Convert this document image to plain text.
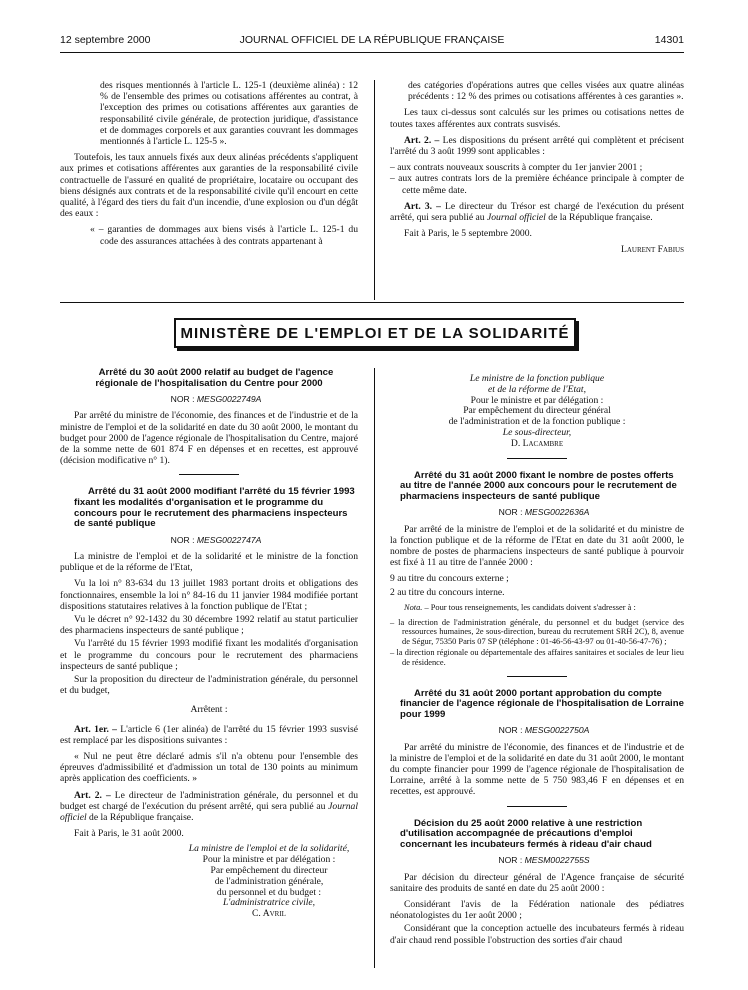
12 septembre 2000	JOURNAL OFFICIEL DE LA RÉPUBLIQUE FRANÇAISE	14301

des risques mentionnés à l'article L. 125-1 (deuxième alinéa) : 12 % de l'ensemble des primes ou cotisations afférentes au contrat, à l'exception des primes ou cotisations afférentes aux garanties de responsabilité civile générale, de protection juridique, d'assistance et de dommages corporels et aux garanties couvrant les dommages mentionnés à l'article L. 125-5 ».

Toutefois, les taux annuels fixés aux deux alinéas précédents s'appliquent aux primes et cotisations afférentes aux garanties de la responsabilité civile contractuelle de l'assuré en qualité de propriétaire, locataire ou occupant des biens désignés aux contrats et de la responsabilité civile qu'il encourt en cette qualité, à l'égard des tiers du fait d'un incendie, d'une explosion ou d'un dégât des eaux :

« – garanties de dommages aux biens visés à l'article L. 125-1 du code des assurances attachées à des contrats appartenant à

des catégories d'opérations autres que celles visées aux quatre alinéas précédents : 12 % des primes ou cotisations afférentes à ces garanties ».

Les taux ci-dessus sont calculés sur les primes ou cotisations nettes de toutes taxes afférentes aux contrats susvisés.

Art. 2. – Les dispositions du présent arrêté qui complètent et précisent l'arrêté du 3 août 1999 sont applicables :

– aux contrats nouveaux souscrits à compter du 1er janvier 2001 ;

– aux autres contrats lors de la première échéance principale à compter de cette même date.

Art. 3. – Le directeur du Trésor est chargé de l'exécution du présent arrêté, qui sera publié au Journal officiel de la République française.

Fait à Paris, le 5 septembre 2000.

Laurent Fabius

MINISTÈRE DE L'EMPLOI ET DE LA SOLIDARITÉ

Arrêté du 30 août 2000 relatif au budget de l'agence régionale de l'hospitalisation du Centre pour 2000

NOR : MESG0022749A

Par arrêté du ministre de l'économie, des finances et de l'industrie et de la ministre de l'emploi et de la solidarité en date du 30 août 2000, le montant du budget pour 2000 de l'agence régionale de l'hospitalisation du Centre, majoré de la somme nette de 601 874 F en dépenses et en recettes, est approuvé (décision modificative n° 1).

Arrêté du 31 août 2000 modifiant l'arrêté du 15 février 1993 fixant les modalités d'organisation et le programme du concours pour le recrutement des pharmaciens inspecteurs de santé publique

NOR : MESG0022747A

La ministre de l'emploi et de la solidarité et le ministre de la fonction publique et de la réforme de l'Etat,

Vu la loi n° 83-634 du 13 juillet 1983 portant droits et obligations des fonctionnaires, ensemble la loi n° 84-16 du 11 janvier 1984 modifiée portant dispositions statutaires relatives à la fonction publique de l'Etat ;

Vu le décret n° 92-1432 du 30 décembre 1992 relatif au statut particulier des pharmaciens inspecteurs de santé publique ;

Vu l'arrêté du 15 février 1993 modifié fixant les modalités d'organisation et le programme du concours pour le recrutement des pharmaciens inspecteurs de santé publique ;

Sur la proposition du directeur de l'administration générale, du personnel et du budget,

Arrêtent :

Art. 1er. – L'article 6 (1er alinéa) de l'arrêté du 15 février 1993 susvisé est remplacé par les dispositions suivantes :

« Nul ne peut être déclaré admis s'il n'a obtenu pour l'ensemble des épreuves d'admissibilité et d'admission un total de 130 points au minimum après application des coefficients. »

Art. 2. – Le directeur de l'administration générale, du personnel et du budget est chargé de l'exécution du présent arrêté, qui sera publié au Journal officiel de la République française.

Fait à Paris, le 31 août 2000.

La ministre de l'emploi et de la solidarité,
Pour la ministre et par délégation :
Par empêchement du directeur
de l'administration générale,
du personnel et du budget :
L'administratrice civile,
C. Avril
Le ministre de la fonction publique
et de la réforme de l'Etat,
Pour le ministre et par délégation :
Par empêchement du directeur général
de l'administration et de la fonction publique :
Le sous-directeur,
D. Lacambre

Arrêté du 31 août 2000 fixant le nombre de postes offerts au titre de l'année 2000 aux concours pour le recrutement de pharmaciens inspecteurs de santé publique

NOR : MESG0022636A

Par arrêté de la ministre de l'emploi et de la solidarité et du ministre de la fonction publique et de la réforme de l'Etat en date du 31 août 2000, le nombre de postes de pharmaciens inspecteurs de santé publique à pourvoir est fixé à 11 au titre de l'année 2000 :

9 au titre du concours externe ;

2 au titre du concours interne.

Nota. – Pour tous renseignements, les candidats doivent s'adresser à :

– la direction de l'administration générale, du personnel et du budget (service des ressources humaines, 2e sous-direction, bureau du recrutement SRH 2C), 8, avenue de Ségur, 75350 Paris 07 SP (téléphone : 01-46-56-43-97 ou 01-40-56-47-76) ;

– la direction régionale ou départementale des affaires sanitaires et sociales de leur lieu de résidence.

Arrêté du 31 août 2000 portant approbation du compte financier de l'agence régionale de l'hospitalisation de Lorraine pour 1999

NOR : MESG0022750A

Par arrêté du ministre de l'économie, des finances et de l'industrie et de la ministre de l'emploi et de la solidarité en date du 31 août 2000, le montant du compte financier pour 1999 de l'agence régionale de l'hospitalisation de Lorraine, arrêté à la somme nette de 5 750 983,46 F en dépenses et en recettes, est approuvé.

Décision du 25 août 2000 relative à une restriction d'utilisation accompagnée de précautions d'emploi concernant les incubateurs fermés à rideau d'air chaud

NOR : MESM0022755S

Par décision du directeur général de l'Agence française de sécurité sanitaire des produits de santé en date du 25 août 2000 :

Considérant l'avis de la Fédération nationale des pédiatres néonatologistes du 1er août 2000 ;

Considérant que la conception actuelle des incubateurs fermés à rideau d'air chaud rend possible l'obstruction des sorties d'air chaud
